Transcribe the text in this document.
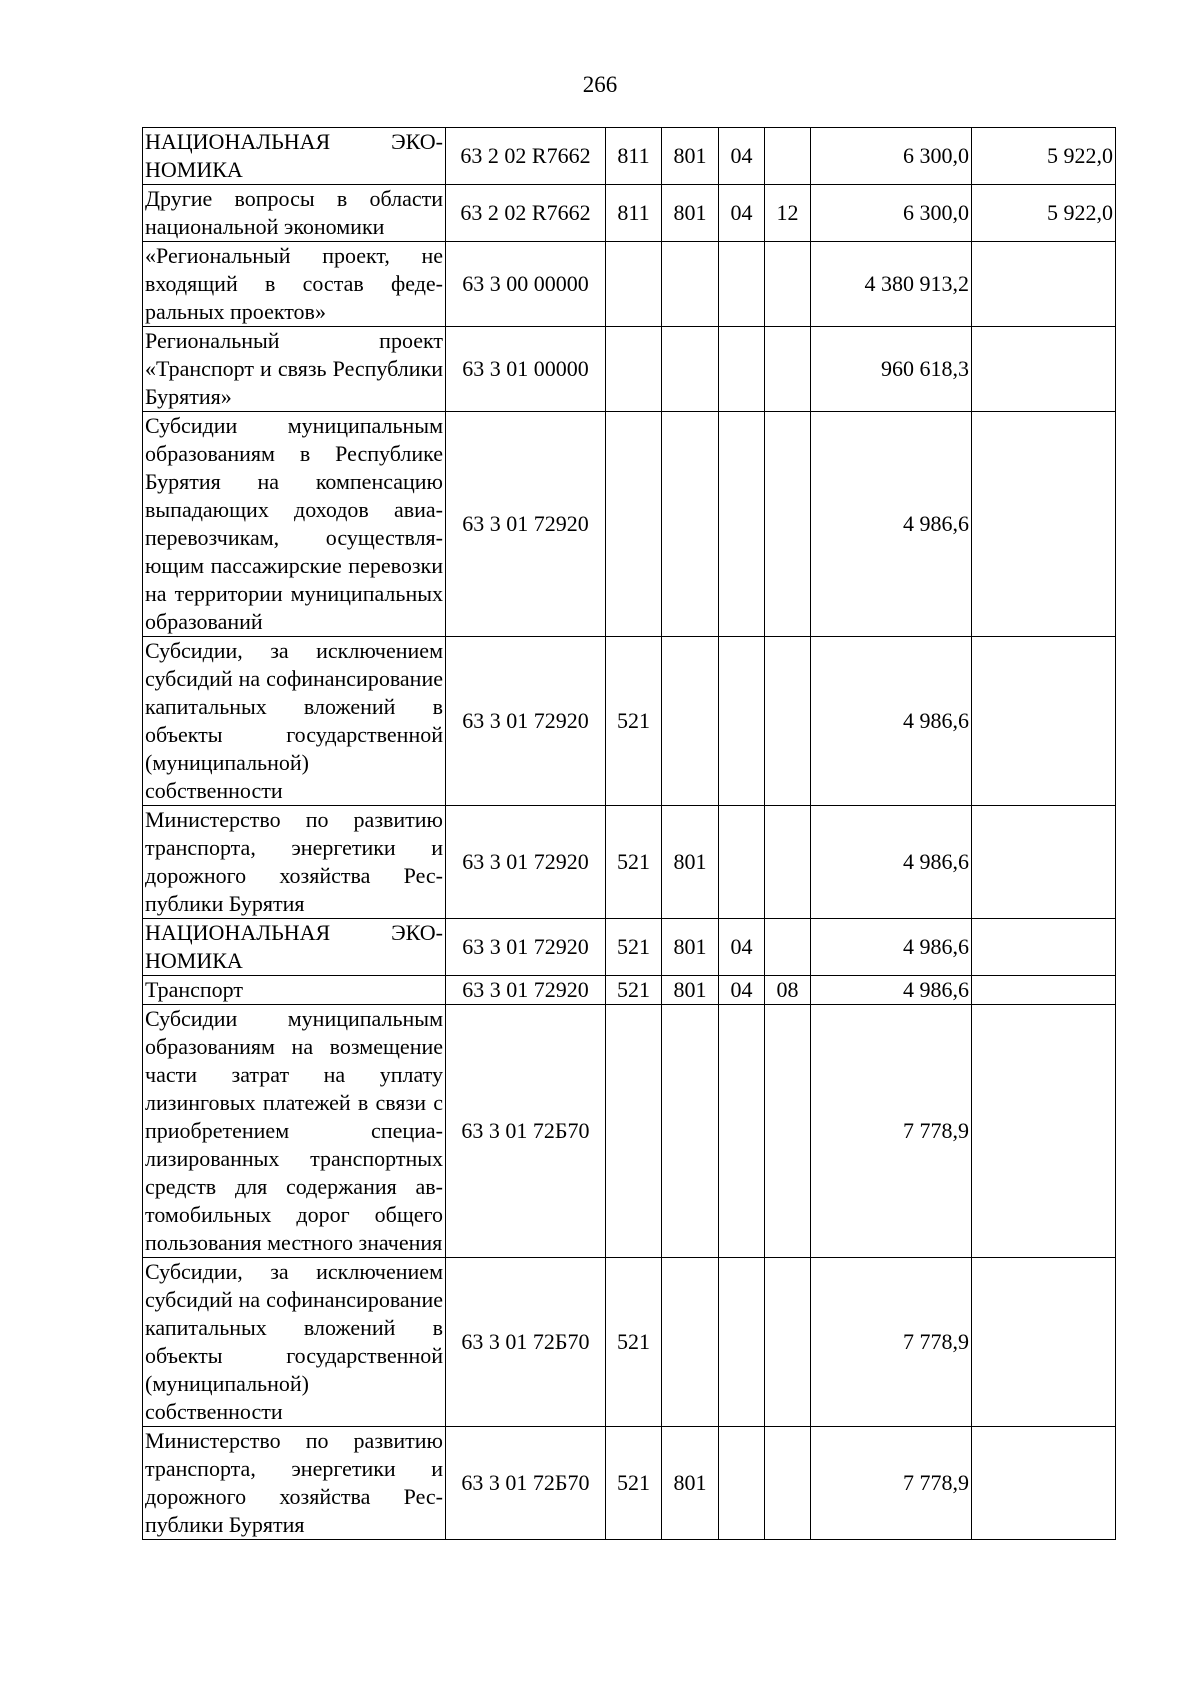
266
НАЦИОНАЛЬНАЯ ЭКОНОМИКА	63 2 02 R7662	811	801	04		6 300,0	5 922,0
Другие вопросы в области национальной экономики	63 2 02 R7662	811	801	04	12	6 300,0	5 922,0
«Региональный проект, не входящий в состав федеральных проектов»	63 3 00 00000					4 380 913,2	
Региональный проект «Транспорт и связь Республики Бурятия»	63 3 01 00000					960 618,3	
Субсидии муниципальным образованиям в Республике Бурятия на компенсацию выпадающих доходов авиаперевозчикам, осуществляющим пассажирские перевозки на территории муниципальных образований	63 3 01 72920					4 986,6	
Субсидии, за исключением субсидий на софинансирование капитальных вложений в объекты государственной (муниципальной) собственности	63 3 01 72920	521				4 986,6	
Министерство по развитию транспорта, энергетики и дорожного хозяйства Республики Бурятия	63 3 01 72920	521	801			4 986,6	
НАЦИОНАЛЬНАЯ ЭКОНОМИКА	63 3 01 72920	521	801	04		4 986,6	
Транспорт	63 3 01 72920	521	801	04	08	4 986,6	
Субсидии муниципальным образованиям на возмещение части затрат на уплату лизинговых платежей в связи с приобретением специализированных транспортных средств для содержания автомобильных дорог общего пользования местного значения	63 3 01 72Б70					7 778,9	
Субсидии, за исключением субсидий на софинансирование капитальных вложений в объекты государственной (муниципальной) собственности	63 3 01 72Б70	521				7 778,9	
Министерство по развитию транспорта, энергетики и дорожного хозяйства Республики Бурятия	63 3 01 72Б70	521	801			7 778,9	
